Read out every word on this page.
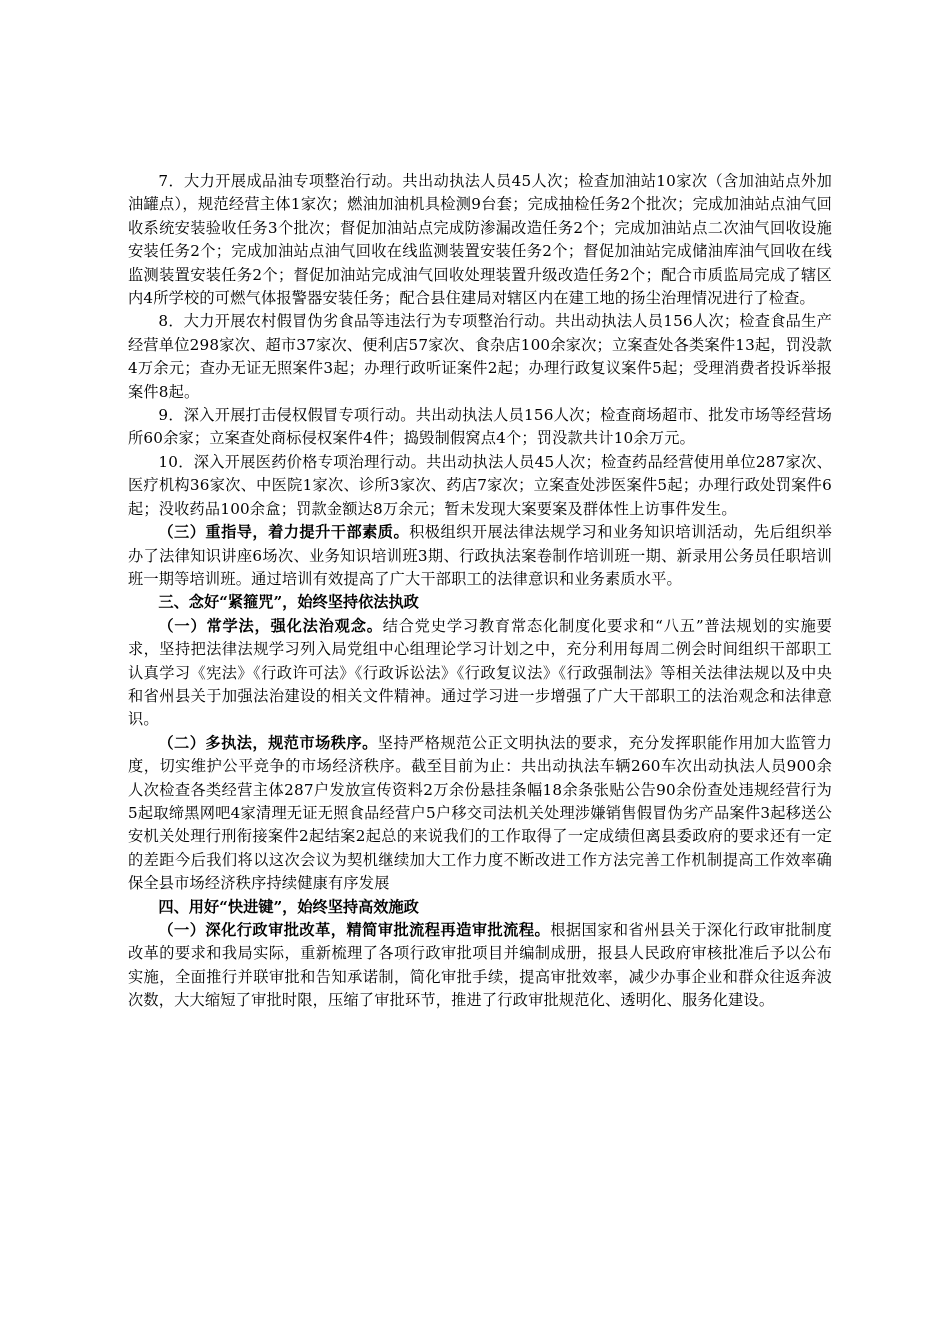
7．大力开展成品油专项整治行动。共出动执法人员45人次；检查加油站10家次（含加油站点外加油罐点），规范经营主体1家次；燃油加油机具检测9台套；完成抽检任务2个批次；完成加油站点油气回收系统安装验收任务3个批次；督促加油站点完成防渗漏改造任务2个；完成加油站点二次油气回收设施安装任务2个；完成加油站点油气回收在线监测装置安装任务2个；督促加油站完成储油库油气回收在线监测装置安装任务2个；督促加油站完成油气回收处理装置升级改造任务2个；配合市质监局完成了辖区内4所学校的可燃气体报警器安装任务；配合县住建局对辖区内在建工地的扬尘治理情况进行了检查。

8．大力开展农村假冒伪劣食品等违法行为专项整治行动。共出动执法人员156人次；检查食品生产经营单位298家次、超市37家次、便利店57家次、食杂店100余家次；立案查处各类案件13起，罚没款4万余元；查办无证无照案件3起；办理行政听证案件2起；办理行政复议案件5起；受理消费者投诉举报案件8起。

9．深入开展打击侵权假冒专项行动。共出动执法人员156人次；检查商场超市、批发市场等经营场所60余家；立案查处商标侵权案件4件；捣毁制假窝点4个；罚没款共计10余万元。

10．深入开展医药价格专项治理行动。共出动执法人员45人次；检查药品经营使用单位287家次、医疗机构36家次、中医院1家次、诊所3家次、药店7家次；立案查处涉医案件5起；办理行政处罚案件6起；没收药品100余盒；罚款金额达8万余元；暂未发现大案要案及群体性上访事件发生。

（三）重指导，着力提升干部素质。积极组织开展法律法规学习和业务知识培训活动，先后组织举办了法律知识讲座6场次、业务知识培训班3期、行政执法案卷制作培训班一期、新录用公务员任职培训班一期等培训班。通过培训有效提高了广大干部职工的法律意识和业务素质水平。

三、念好“紧箍咒”，始终坚持依法执政

（一）常学法，强化法治观念。结合党史学习教育常态化制度化要求和“八五”普法规划的实施要求，坚持把法律法规学习列入局党组中心组理论学习计划之中，充分利用每周二例会时间组织干部职工认真学习《宪法》《行政许可法》《行政诉讼法》《行政复议法》《行政强制法》等相关法律法规以及中央和省州县关于加强法治建设的相关文件精神。通过学习进一步增强了广大干部职工的法治观念和法律意识。

（二）多执法，规范市场秩序。坚持严格规范公正文明执法的要求，充分发挥职能作用加大监管力度，切实维护公平竞争的市场经济秩序。截至目前为止：共出动执法车辆260车次出动执法人员900余人次检查各类经营主体287户发放宣传资料2万余份悬挂条幅18余条张贴公告90余份查处违规经营行为5起取缔黑网吧4家清理无证无照食品经营户5户移交司法机关处理涉嫌销售假冒伪劣产品案件3起移送公安机关处理行刑衔接案件2起结案2起总的来说我们的工作取得了一定成绩但离县委政府的要求还有一定的差距今后我们将以这次会议为契机继续加大工作力度不断改进工作方法完善工作机制提高工作效率确保全县市场经济秩序持续健康有序发展

四、用好“快进键”，始终坚持高效施政

（一）深化行政审批改革，精简审批流程再造审批流程。根据国家和省州县关于深化行政审批制度改革的要求和我局实际，重新梳理了各项行政审批项目并编制成册，报县人民政府审核批准后予以公布实施，全面推行并联审批和告知承诺制，简化审批手续，提高审批效率，减少办事企业和群众往返奔波次数，大大缩短了审批时限，压缩了审批环节，推进了行政审批规范化、透明化、服务化建设。
